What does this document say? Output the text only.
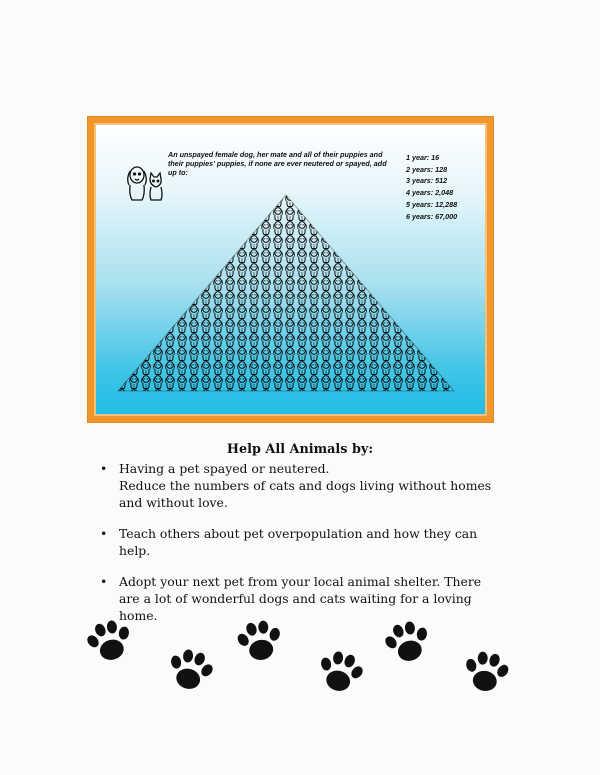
An unspayed female dog, her mate and all of their puppies and their puppies' puppies, if none are ever neutered or spayed, add up to:
1 year: 16
2 years: 128
3 years: 512
4 years: 2,048
5 years: 12,288
6 years: 67,000
Help All Animals by:
• Having a pet spayed or neutered.
Reduce the numbers of cats and dogs living without homes and without love.
• Teach others about pet overpopulation and how they can help.
• Adopt your next pet from your local animal shelter. There are a lot of wonderful dogs and cats waiting for a loving home.
